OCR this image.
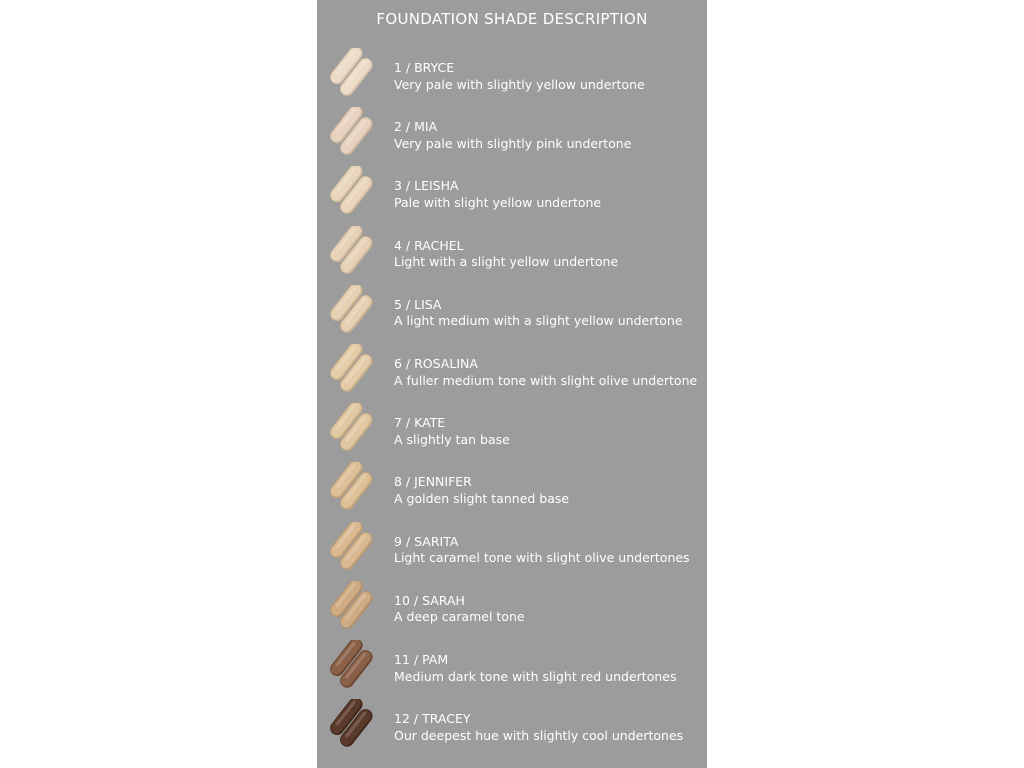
FOUNDATION SHADE DESCRIPTION
1 / BRYCE
Very pale with slightly yellow undertone
2 / MIA
Very pale with slightly pink undertone
3 / LEISHA
Pale with slight yellow undertone
4 / RACHEL
Light with a slight yellow undertone
5 / LISA
A light medium with a slight yellow undertone
6 / ROSALINA
A fuller medium tone with slight olive undertone
7 / KATE
A slightly tan base
8 / JENNIFER
A golden slight tanned base
9 / SARITA
Light caramel tone with slight olive undertones
10 / SARAH
A deep caramel tone
11 / PAM
Medium dark tone with slight red undertones
12 / TRACEY
Our deepest hue with slightly cool undertones
